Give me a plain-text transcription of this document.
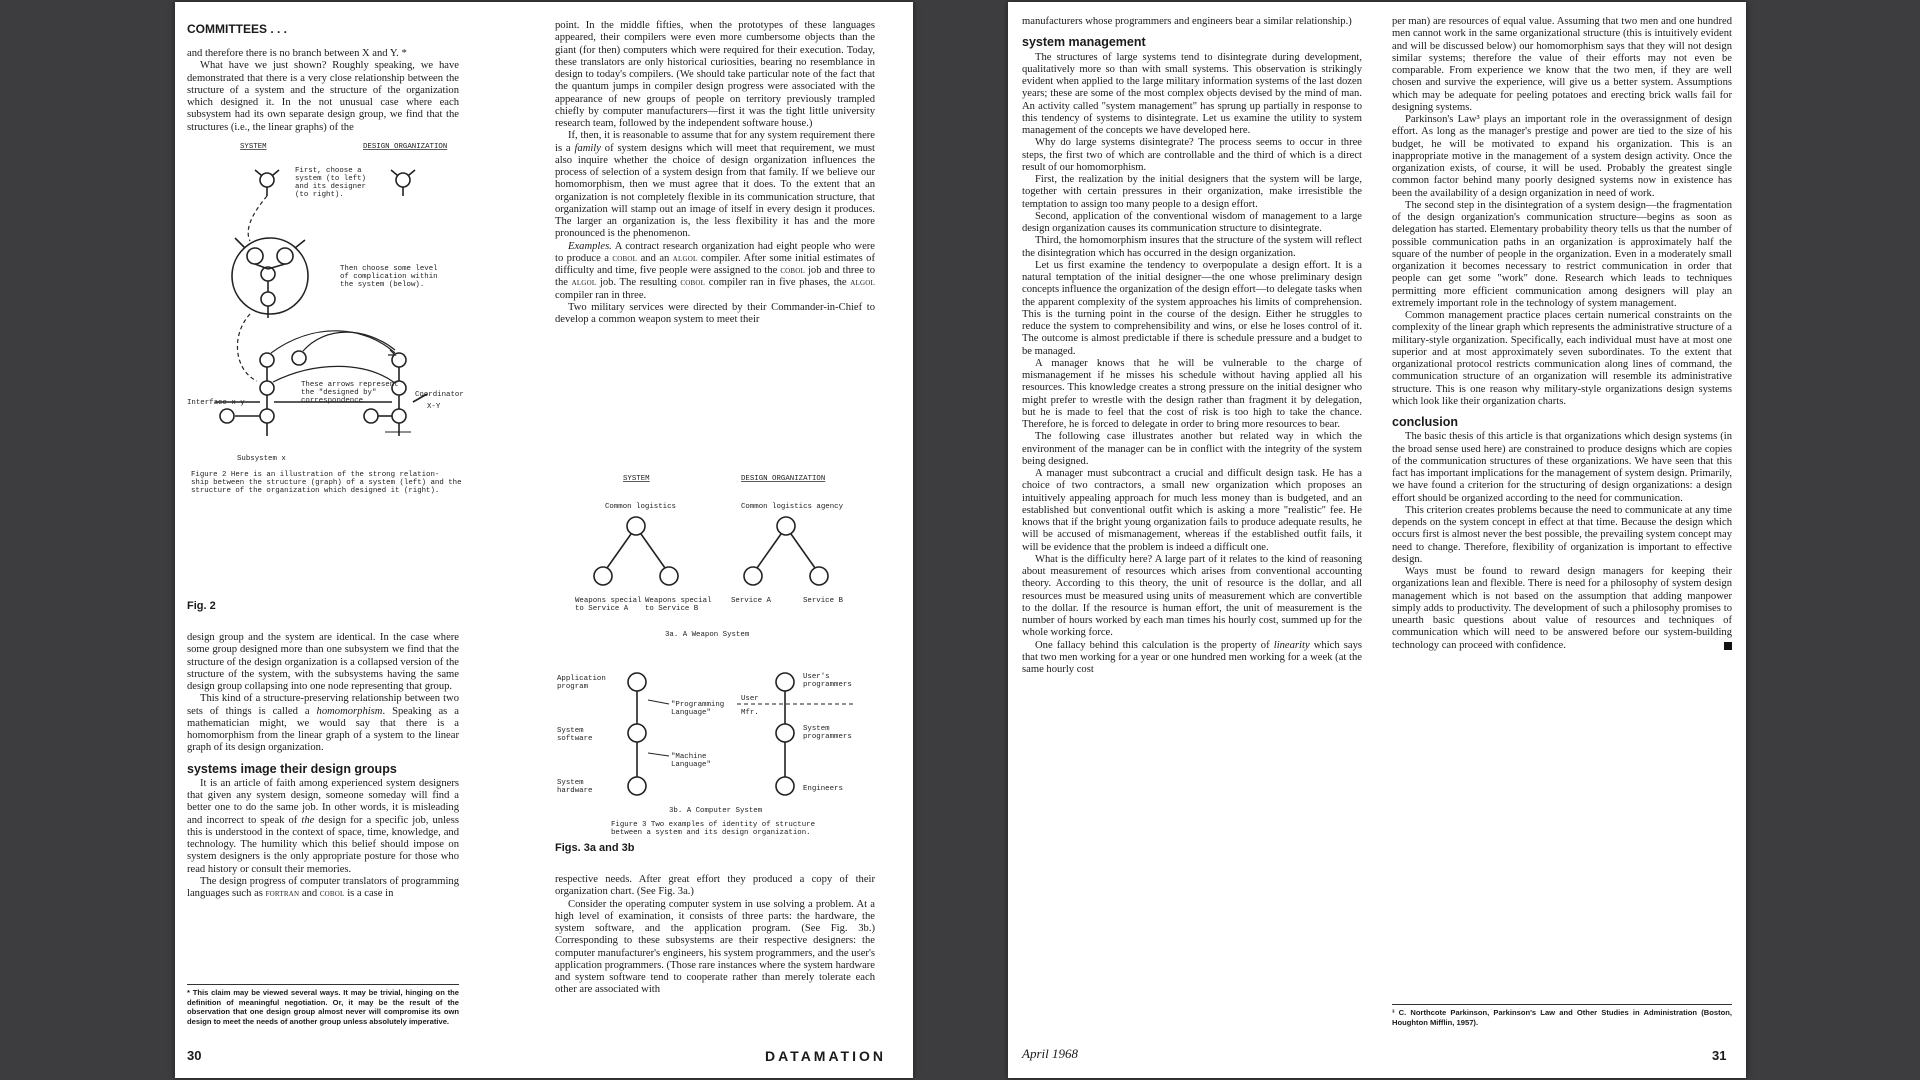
COMMITTEES . . .

and therefore there is no branch between X and Y. *

What have we just shown? Roughly speaking, we have demonstrated that there is a very close relationship between the structure of a system and the structure of the organization which designed it. In the not unusual case where each subsystem had its own separate design group, we find that the structures (i.e., the linear graphs) of the

SYSTEM	DESIGN ORGANIZATION
First, choose a system (to left) and its designer (to right).
Then choose some level of complication within the system (below).
These arrows represent the "designed by" correspondence
Interface x-y
Coordinator X-Y
Subsystem x
Figure 2 Here is an illustration of the strong relation- ship between the structure (graph) of a system (left) and the structure of the organization which designed it (right).
Fig. 2

design group and the system are identical. In the case where some group designed more than one subsystem we find that the structure of the design organization is a collapsed version of the structure of the system, with the subsystems having the same design group collapsing into one node representing that group.

This kind of a structure-preserving relationship between two sets of things is called a homomorphism. Speaking as a mathematician might, we would say that there is a homomorphism from the linear graph of a system to the linear graph of its design organization.

systems image their design groups

It is an article of faith among experienced system designers that given any system design, someone someday will find a better one to do the same job. In other words, it is misleading and incorrect to speak of the design for a specific job, unless this is understood in the context of space, time, knowledge, and technology. The humility which this belief should impose on system designers is the only appropriate posture for those who read history or consult their memories.

The design progress of computer translators of programming languages such as fortran and cobol is a case in

* This claim may be viewed several ways. It may be trivial, hinging on the definition of meaningful negotiation. Or, it may be the result of the observation that one design group almost never will compromise its own design to meet the needs of another group unless absolutely imperative.
30

point. In the middle fifties, when the prototypes of these languages appeared, their compilers were even more cumbersome objects than the giant (for then) computers which were required for their execution. Today, these translators are only historical curiosities, bearing no resemblance in design to today's compilers. (We should take particular note of the fact that the quantum jumps in compiler design progress were associated with the appearance of new groups of people on territory previously trampled chiefly by computer manufacturers—first it was the tight little university research team, followed by the independent software house.)

If, then, it is reasonable to assume that for any system requirement there is a family of system designs which will meet that requirement, we must also inquire whether the choice of design organization influences the process of selection of a system design from that family. If we believe our homomorphism, then we must agree that it does. To the extent that an organization is not completely flexible in its communication structure, that organization will stamp out an image of itself in every design it produces. The larger an organization is, the less flexibility it has and the more pronounced is the phenomenon.

Examples. A contract research organization had eight people who were to produce a cobol and an algol compiler. After some initial estimates of difficulty and time, five people were assigned to the cobol job and three to the algol job. The resulting cobol compiler ran in five phases, the algol compiler ran in three.

Two military services were directed by their Commander-in-Chief to develop a common weapon system to meet their

SYSTEM	DESIGN ORGANIZATION
Common logistics	Common logistics agency
Weapons special to Service A
Weapons special to Service B
Service A	Service B
3a. A Weapon System
Application program
System software
System hardware
"Programming Language"
"Machine Language"
User's programmers
User
Mfr.
System programmers
Engineers
3b. A Computer System
Figure 3 Two examples of identity of structure between a system and its design organization.
Figs. 3a and 3b

respective needs. After great effort they produced a copy of their organization chart. (See Fig. 3a.)

Consider the operating computer system in use solving a problem. At a high level of examination, it consists of three parts: the hardware, the system software, and the application program. (See Fig. 3b.) Corresponding to these subsystems are their respective designers: the computer manufacturer's engineers, his system programmers, and the user's application programmers. (Those rare instances where the system hardware and system software tend to cooperate rather than merely tolerate each other are associated with

DATAMATION

manufacturers whose programmers and engineers bear a similar relationship.)

system management

The structures of large systems tend to disintegrate during development, qualitatively more so than with small systems. This observation is strikingly evident when applied to the large military information systems of the last dozen years; these are some of the most complex objects devised by the mind of man. An activity called "system management" has sprung up partially in response to this tendency of systems to disintegrate. Let us examine the utility to system management of the concepts we have developed here.

Why do large systems disintegrate? The process seems to occur in three steps, the first two of which are controllable and the third of which is a direct result of our homomorphism.

First, the realization by the initial designers that the system will be large, together with certain pressures in their organization, make irresistible the temptation to assign too many people to a design effort.

Second, application of the conventional wisdom of management to a large design organization causes its communication structure to disintegrate.

Third, the homomorphism insures that the structure of the system will reflect the disintegration which has occurred in the design organization.

Let us first examine the tendency to overpopulate a design effort. It is a natural temptation of the initial designer—the one whose preliminary design concepts influence the organization of the design effort—to delegate tasks when the apparent complexity of the system approaches his limits of comprehension. This is the turning point in the course of the design. Either he struggles to reduce the system to comprehensibility and wins, or else he loses control of it. The outcome is almost predictable if there is schedule pressure and a budget to be managed.

A manager knows that he will be vulnerable to the charge of mismanagement if he misses his schedule without having applied all his resources. This knowledge creates a strong pressure on the initial designer who might prefer to wrestle with the design rather than fragment it by delegation, but he is made to feel that the cost of risk is too high to take the chance. Therefore, he is forced to delegate in order to bring more resources to bear.

The following case illustrates another but related way in which the environment of the manager can be in conflict with the integrity of the system being designed.

A manager must subcontract a crucial and difficult design task. He has a choice of two contractors, a small new organization which proposes an intuitively appealing approach for much less money than is budgeted, and an established but conventional outfit which is asking a more "realistic" fee. He knows that if the bright young organization fails to produce adequate results, he will be accused of mismanagement, whereas if the established outfit fails, it will be evidence that the problem is indeed a difficult one.

What is the difficulty here? A large part of it relates to the kind of reasoning about measurement of resources which arises from conventional accounting theory. According to this theory, the unit of resource is the dollar, and all resources must be measured using units of measurement which are convertible to the dollar. If the resource is human effort, the unit of measurement is the number of hours worked by each man times his hourly cost, summed up for the whole working force.

One fallacy behind this calculation is the property of linearity which says that two men working for a year or one hundred men working for a week (at the same hourly cost

April 1968

per man) are resources of equal value. Assuming that two men and one hundred men cannot work in the same organizational structure (this is intuitively evident and will be discussed below) our homomorphism says that they will not design similar systems; therefore the value of their efforts may not even be comparable. From experience we know that the two men, if they are well chosen and survive the experience, will give us a better system. Assumptions which may be adequate for peeling potatoes and erecting brick walls fail for designing systems.

Parkinson's Law³ plays an important role in the overassignment of design effort. As long as the manager's prestige and power are tied to the size of his budget, he will be motivated to expand his organization. This is an inappropriate motive in the management of a system design activity. Once the organization exists, of course, it will be used. Probably the greatest single common factor behind many poorly designed systems now in existence has been the availability of a design organization in need of work.

The second step in the disintegration of a system design—the fragmentation of the design organization's communication structure—begins as soon as delegation has started. Elementary probability theory tells us that the number of possible communication paths in an organization is approximately half the square of the number of people in the organization. Even in a moderately small organization it becomes necessary to restrict communication in order that people can get some "work" done. Research which leads to techniques permitting more efficient communication among designers will play an extremely important role in the technology of system management.

Common management practice places certain numerical constraints on the complexity of the linear graph which represents the administrative structure of a military-style organization. Specifically, each individual must have at most one superior and at most approximately seven subordinates. To the extent that organizational protocol restricts communication along lines of command, the communication structure of an organization will resemble its administrative structure. This is one reason why military-style organizations design systems which look like their organization charts.

conclusion

The basic thesis of this article is that organizations which design systems (in the broad sense used here) are constrained to produce designs which are copies of the communication structures of these organizations. We have seen that this fact has important implications for the management of system design. Primarily, we have found a criterion for the structuring of design organizations: a design effort should be organized according to the need for communication.

This criterion creates problems because the need to communicate at any time depends on the system concept in effect at that time. Because the design which occurs first is almost never the best possible, the prevailing system concept may need to change. Therefore, flexibility of organization is important to effective design.

Ways must be found to reward design managers for keeping their organizations lean and flexible. There is need for a philosophy of system design management which is not based on the assumption that adding manpower simply adds to productivity. The development of such a philosophy promises to unearth basic questions about value of resources and techniques of communication which will need to be answered before our system-building technology can proceed with confidence.

³ C. Northcote Parkinson, Parkinson's Law and Other Studies in Administration (Boston, Houghton Mifflin, 1957).
31
